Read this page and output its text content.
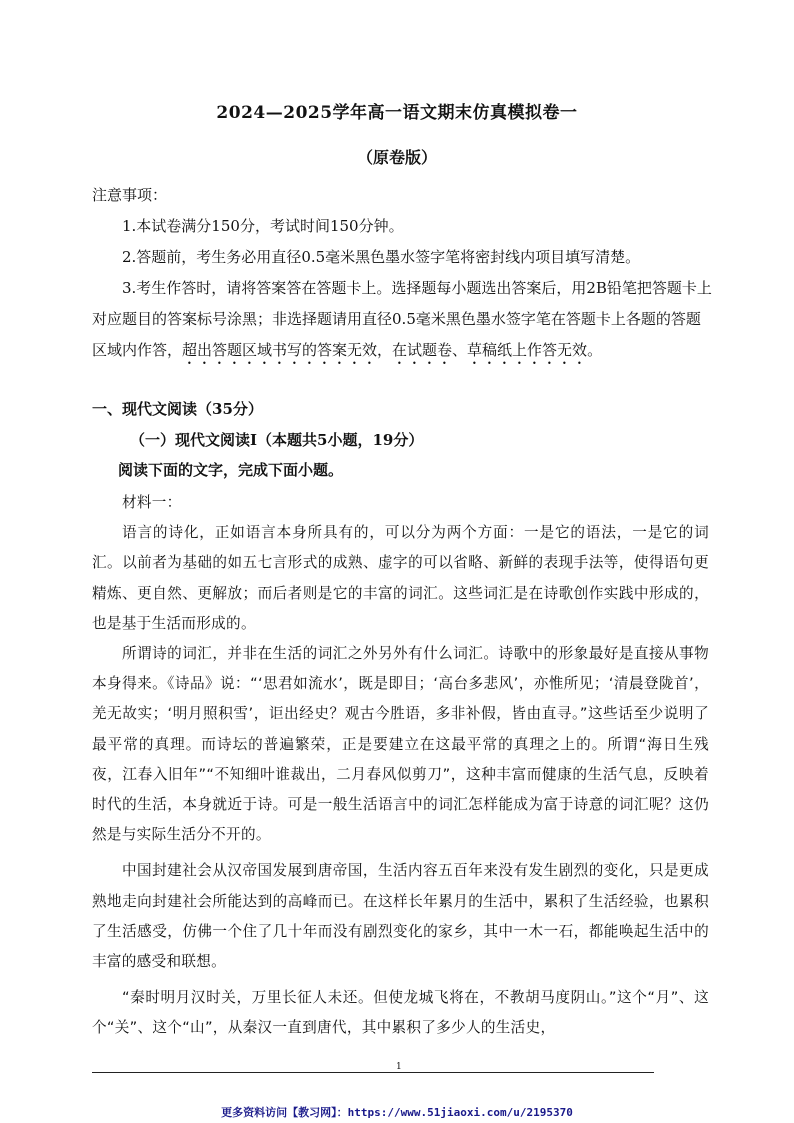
2024—2025学年高一语文期末仿真模拟卷一
（原卷版）

注意事项：

1.本试卷满分150分，考试时间150分钟。

2.答题前，考生务必用直径0.5毫米黑色墨水签字笔将密封线内项目填写清楚。

3.考生作答时，请将答案答在答题卡上。选择题每小题选出答案后，用2B铅笔把答题卡上对应题目的答案标号涂黑；非选择题请用直径0.5毫米黑色墨水签字笔在答题卡上各题的答题区域内作答，超出答题区域书写的答案无效，在试题卷、草稿纸上作答无效。

一、现代文阅读（35分）
（一）现代文阅读Ⅰ（本题共5小题，19分）
阅读下面的文字，完成下面小题。

材料一：

语言的诗化，正如语言本身所具有的，可以分为两个方面：一是它的语法，一是它的词汇。以前者为基础的如五七言形式的成熟、虚字的可以省略、新鲜的表现手法等，使得语句更精炼、更自然、更解放；而后者则是它的丰富的词汇。这些词汇是在诗歌创作实践中形成的，也是基于生活而形成的。

所谓诗的词汇，并非在生活的词汇之外另外有什么词汇。诗歌中的形象最好是直接从事物本身得来。《诗品》说：“‘思君如流水’，既是即目；‘高台多悲风’，亦惟所见；‘清晨登陇首’，羌无故实；‘明月照积雪’，讵出经史？观古今胜语，多非补假，皆由直寻。”这些话至少说明了最平常的真理。而诗坛的普遍繁荣，正是要建立在这最平常的真理之上的。所谓“海日生残夜，江春入旧年”“不知细叶谁裁出，二月春风似剪刀”，这种丰富而健康的生活气息，反映着时代的生活，本身就近于诗。可是一般生活语言中的词汇怎样能成为富于诗意的词汇呢？这仍然是与实际生活分不开的。

中国封建社会从汉帝国发展到唐帝国，生活内容五百年来没有发生剧烈的变化，只是更成熟地走向封建社会所能达到的高峰而已。在这样长年累月的生活中，累积了生活经验，也累积了生活感受，仿佛一个住了几十年而没有剧烈变化的家乡，其中一木一石，都能唤起生活中的丰富的感受和联想。

“秦时明月汉时关，万里长征人未还。但使龙城飞将在，不教胡马度阴山。”这个“月”、这个“关”、这个“山”，从秦汉一直到唐代，其中累积了多少人的生活史，

1
更多资料访问【教习网】：https://www.51jiaoxi.com/u/2195370
